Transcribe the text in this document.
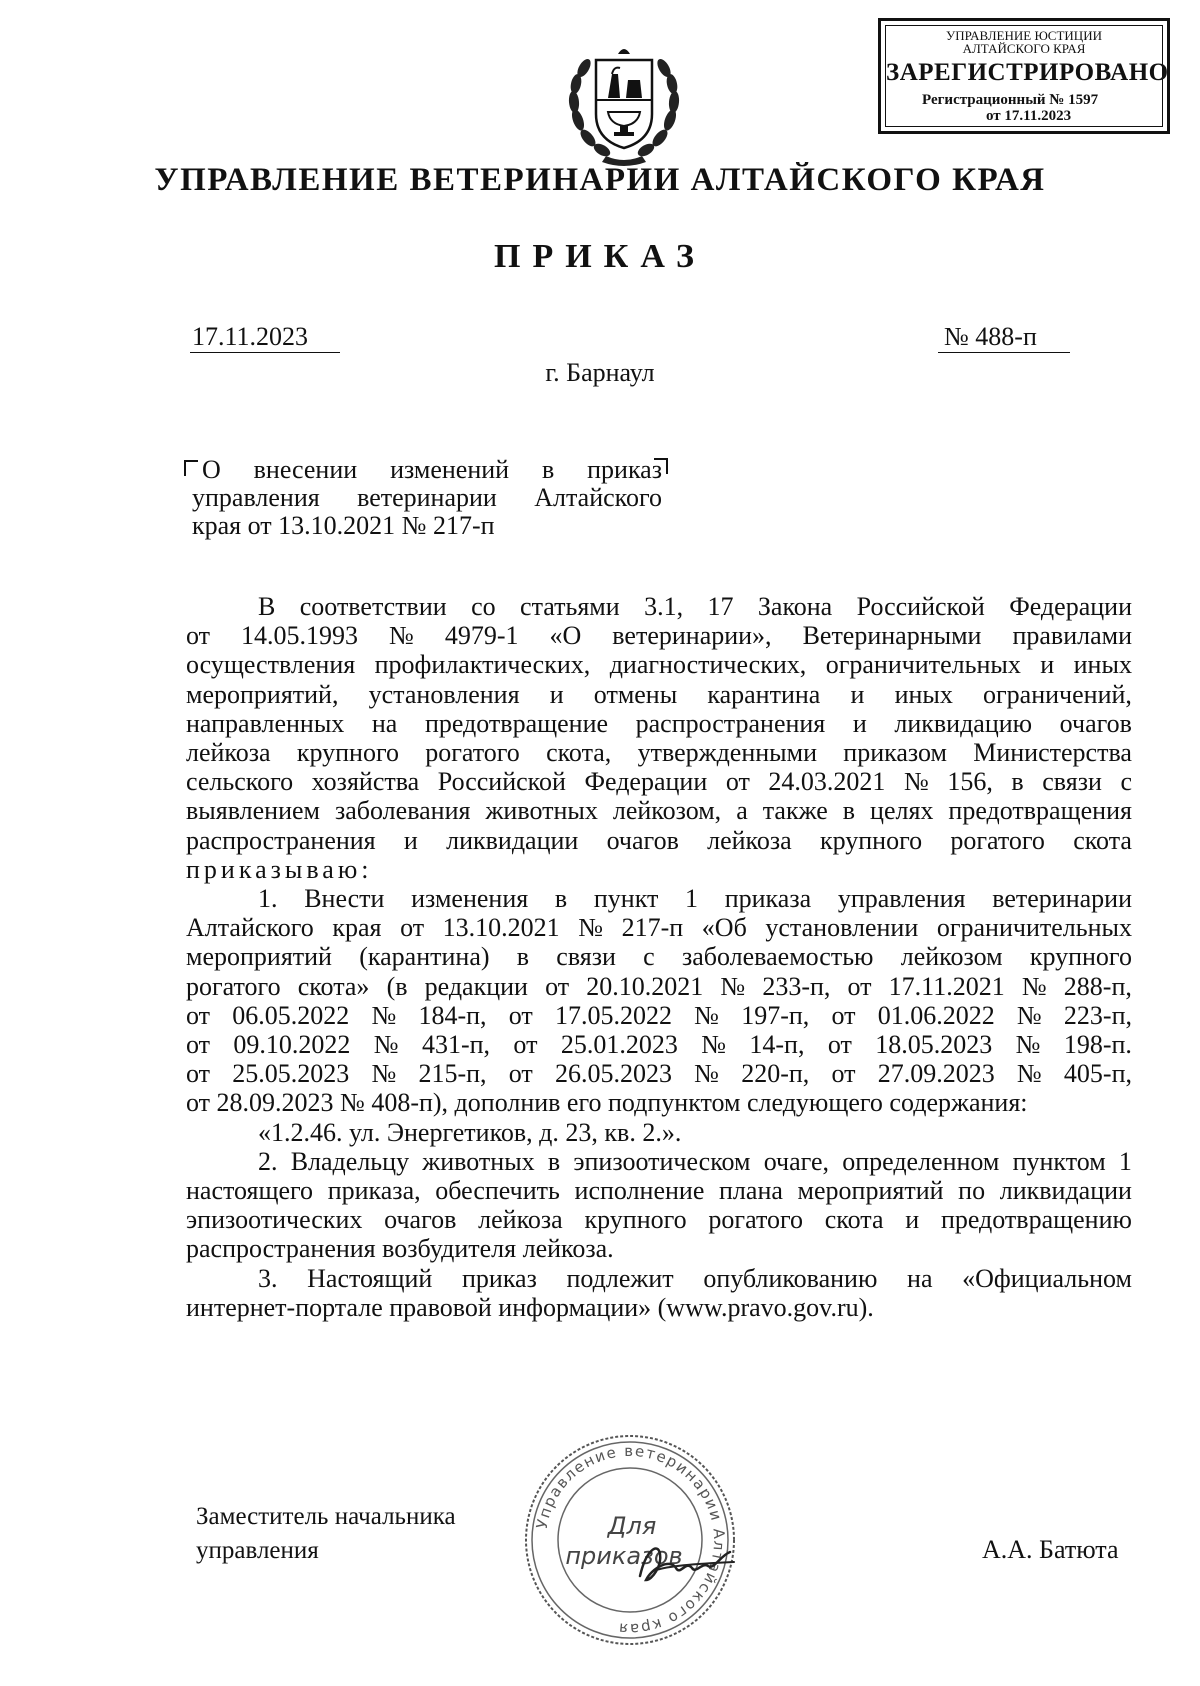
УПРАВЛЕНИЕ ЮСТИЦИИ
АЛТАЙСКОГО КРАЯ
ЗАРЕГИСТРИРОВАНО
Регистрационный № 1597
от 17.11.2023
УПРАВЛЕНИЕ ВЕТЕРИНАРИИ АЛТАЙСКОГО КРАЯ
ПРИКАЗ
17.11.2023	№ 488-п
г. Барнаул
О внесении изменений в приказ
управления ветеринарии Алтайского
края от 13.10.2021 № 217-п
В соответствии со статьями 3.1, 17 Закона Российской Федерации
от 14.05.1993 № 4979-1 «О ветеринарии», Ветеринарными правилами
осуществления профилактических, диагностических, ограничительных и иных
мероприятий, установления и отмены карантина и иных ограничений,
направленных на предотвращение распространения и ликвидацию очагов
лейкоза крупного рогатого скота, утвержденными приказом Министерства
сельского хозяйства Российской Федерации от 24.03.2021 № 156, в связи с
выявлением заболевания животных лейкозом, а также в целях предотвращения
распространения и ликвидации очагов лейкоза крупного рогатого скота
приказываю:
1. Внести изменения в пункт 1 приказа управления ветеринарии
Алтайского края от 13.10.2021 № 217-п «Об установлении ограничительных
мероприятий (карантина) в связи с заболеваемостью лейкозом крупного
рогатого скота» (в редакции от 20.10.2021 № 233-п, от 17.11.2021 № 288-п,
от 06.05.2022 № 184-п, от 17.05.2022 № 197-п, от 01.06.2022 № 223-п,
от 09.10.2022 № 431-п, от 25.01.2023 № 14-п, от 18.05.2023 № 198-п.
от 25.05.2023 № 215-п, от 26.05.2023 № 220-п, от 27.09.2023 № 405-п,
от 28.09.2023 № 408-п), дополнив его подпунктом следующего содержания:
«1.2.46. ул. Энергетиков, д. 23, кв. 2.».
2. Владельцу животных в эпизоотическом очаге, определенном пунктом 1
настоящего приказа, обеспечить исполнение плана мероприятий по ликвидации
эпизоотических очагов лейкоза крупного рогатого скота и предотвращению
распространения возбудителя лейкоза.
3. Настоящий приказ подлежит опубликованию на «Официальном
интернет-портале правовой информации» (www.pravo.gov.ru).
Заместитель начальника
управления
Управление ветеринарии Алтайского края
Для
приказов	А.А. Батюта
